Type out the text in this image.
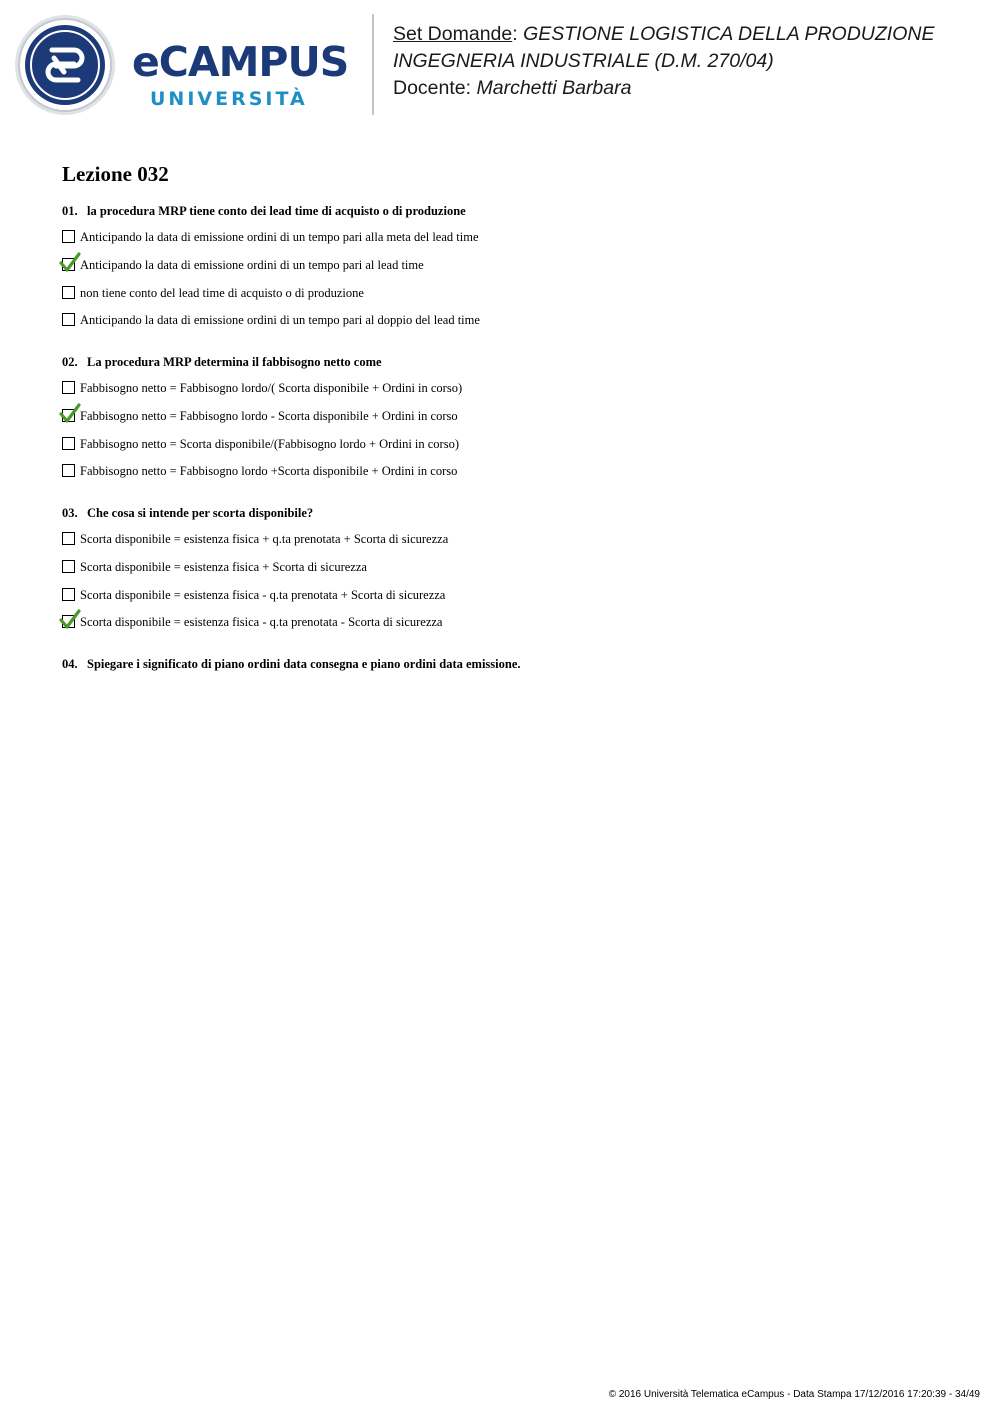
eCAMPUS
UNIVERSITÀ
Set Domande: GESTIONE LOGISTICA DELLA PRODUZIONE
INGEGNERIA INDUSTRIALE (D.M. 270/04)
Docente: Marchetti Barbara
Lezione 032
01. la procedura MRP tiene conto dei lead time di acquisto o di produzione
Anticipando la data di emissione ordini di un tempo pari alla meta del lead time
Anticipando la data di emissione ordini di un tempo pari al lead time
non tiene conto del lead time di acquisto o di produzione
Anticipando la data di emissione ordini di un tempo pari al doppio del lead time
02. La procedura MRP determina il fabbisogno netto come
Fabbisogno netto = Fabbisogno lordo/( Scorta disponibile + Ordini in corso)
Fabbisogno netto = Fabbisogno lordo - Scorta disponibile + Ordini in corso
Fabbisogno netto = Scorta disponibile/(Fabbisogno lordo + Ordini in corso)
Fabbisogno netto = Fabbisogno lordo +Scorta disponibile + Ordini in corso
03. Che cosa si intende per scorta disponibile?
Scorta disponibile = esistenza fisica + q.ta prenotata + Scorta di sicurezza
Scorta disponibile = esistenza fisica + Scorta di sicurezza
Scorta disponibile = esistenza fisica - q.ta prenotata + Scorta di sicurezza
Scorta disponibile = esistenza fisica - q.ta prenotata - Scorta di sicurezza
04. Spiegare i significato di piano ordini data consegna e piano ordini data emissione.
© 2016 Università Telematica eCampus - Data Stampa 17/12/2016 17:20:39 - 34/49
